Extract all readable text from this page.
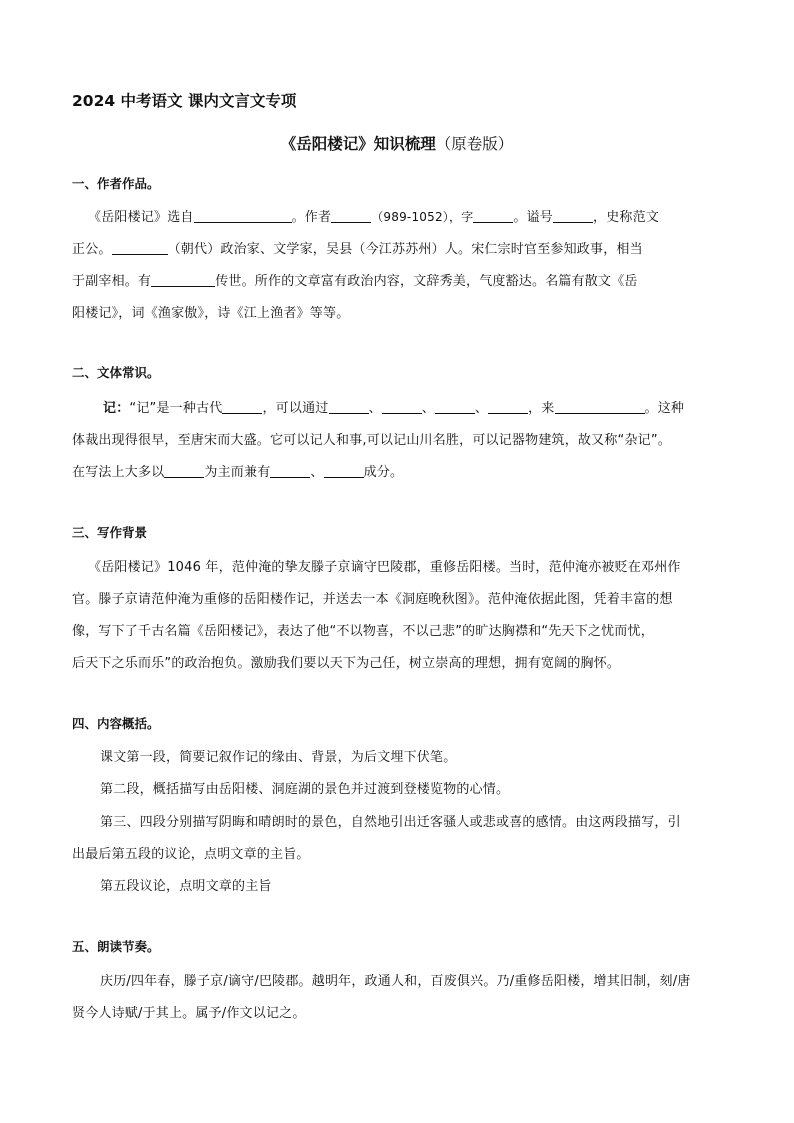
2024 中考语文 课内文言文专项
《岳阳楼记》知识梳理（原卷版）
一、作者作品。
《岳阳楼记》选自	。作者	（989-1052），字	。谥号	，史称范文
正公。	（朝代）政治家、文学家，吴县（今江苏苏州）人。宋仁宗时官至参知政事，相当
于副宰相。有	传世。所作的文章富有政治内容，文辞秀美，气度豁达。名篇有散文《岳
阳楼记》，词《渔家傲》，诗《江上渔者》等等。
二、文体常识。
记：“记”是一种古代	，可以通过	、	、	、	，来	。这种
体裁出现得很早，至唐宋而大盛。它可以记人和事,可以记山川名胜，可以记器物建筑，故又称“杂记”。
在写法上大多以	为主而兼有	、	成分。
三、写作背景
《岳阳楼记》1046 年，范仲淹的挚友滕子京谪守巴陵郡，重修岳阳楼。当时，范仲淹亦被贬在邓州作
官。滕子京请范仲淹为重修的岳阳楼作记，并送去一本《洞庭晚秋图》。范仲淹依据此图，凭着丰富的想
像，写下了千古名篇《岳阳楼记》，表达了他“不以物喜，不以己悲”的旷达胸襟和“先天下之忧而忧，
后天下之乐而乐”的政治抱负。激励我们要以天下为己任，树立崇高的理想，拥有宽阔的胸怀。
四、内容概括。
课文第一段，简要记叙作记的缘由、背景，为后文埋下伏笔。
第二段，概括描写由岳阳楼、洞庭湖的景色并过渡到登楼览物的心情。
第三、四段分别描写阴晦和晴朗时的景色，自然地引出迁客骚人或悲或喜的感情。由这两段描写，引
出最后第五段的议论，点明文章的主旨。
第五段议论，点明文章的主旨
五、朗读节奏。
庆历/四年春，滕子京/谪守/巴陵郡。越明年，政通人和，百废俱兴。乃/重修岳阳楼，增其旧制，刻/唐
贤今人诗赋/于其上。属予/作文以记之。
